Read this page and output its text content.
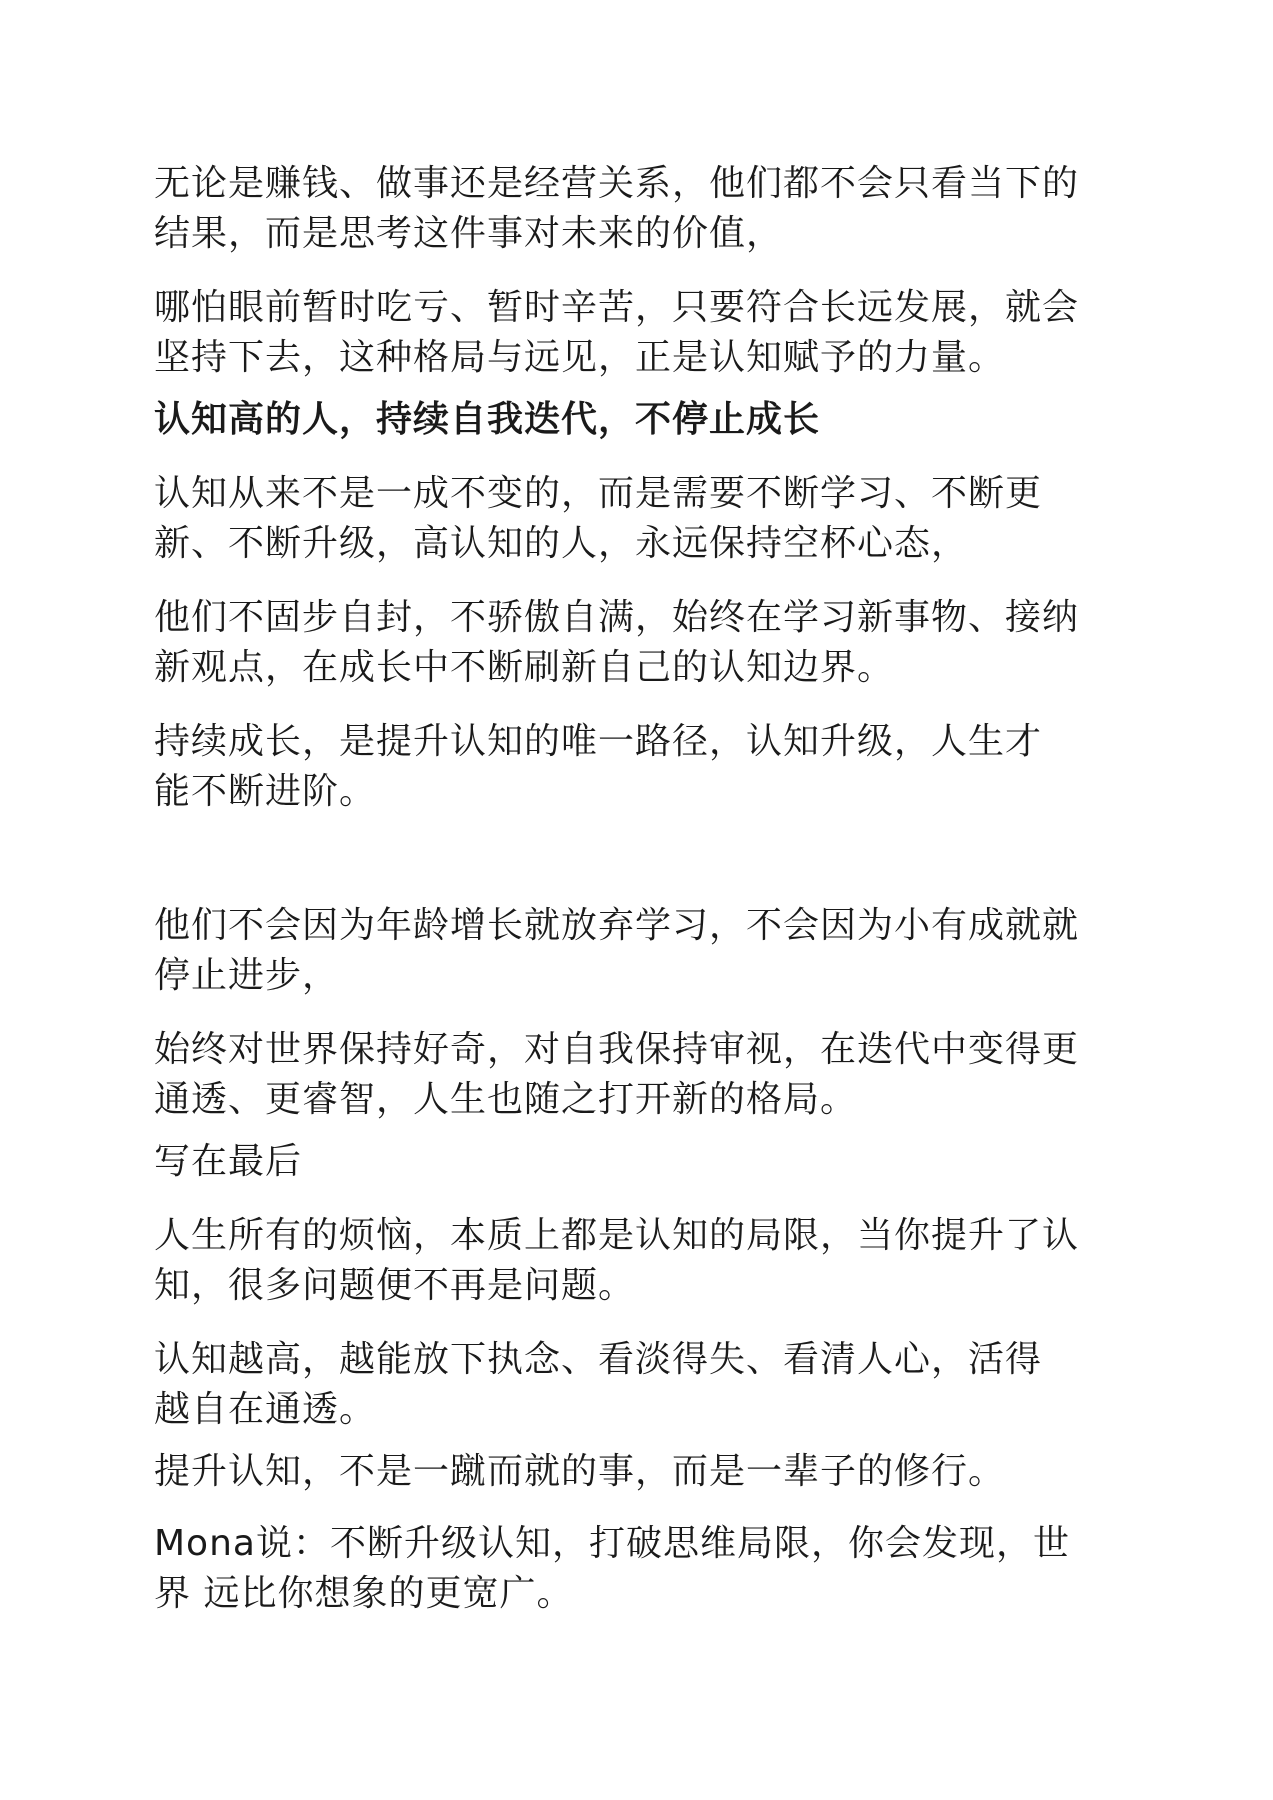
无论是赚钱、做事还是经营关系，他们都不会只看当下的

结果，而是思考这件事对未来的价值，

哪怕眼前暂时吃亏、暂时辛苦，只要符合长远发展，就会

坚持下去，这种格局与远见，正是认知赋予的力量。

认知高的人，持续自我迭代，不停止成长

认知从来不是一成不变的，而是需要不断学习、不断更

新、不断升级，高认知的人，永远保持空杯心态，

他们不固步自封，不骄傲自满，始终在学习新事物、接纳

新观点，在成长中不断刷新自己的认知边界。

持续成长，是提升认知的唯一路径，认知升级，人生才

能不断进阶。

他们不会因为年龄增长就放弃学习，不会因为小有成就就

停止进步，

始终对世界保持好奇，对自我保持审视，在迭代中变得更

通透、更睿智，人生也随之打开新的格局。

写在最后

人生所有的烦恼，本质上都是认知的局限，当你提升了认

知，很多问题便不再是问题。

认知越高，越能放下执念、看淡得失、看清人心，活得

越自在通透。

提升认知，不是一蹴而就的事，而是一辈子的修行。

Mona说：不断升级认知，打破思维局限，你会发现，世

界 远比你想象的更宽广。
